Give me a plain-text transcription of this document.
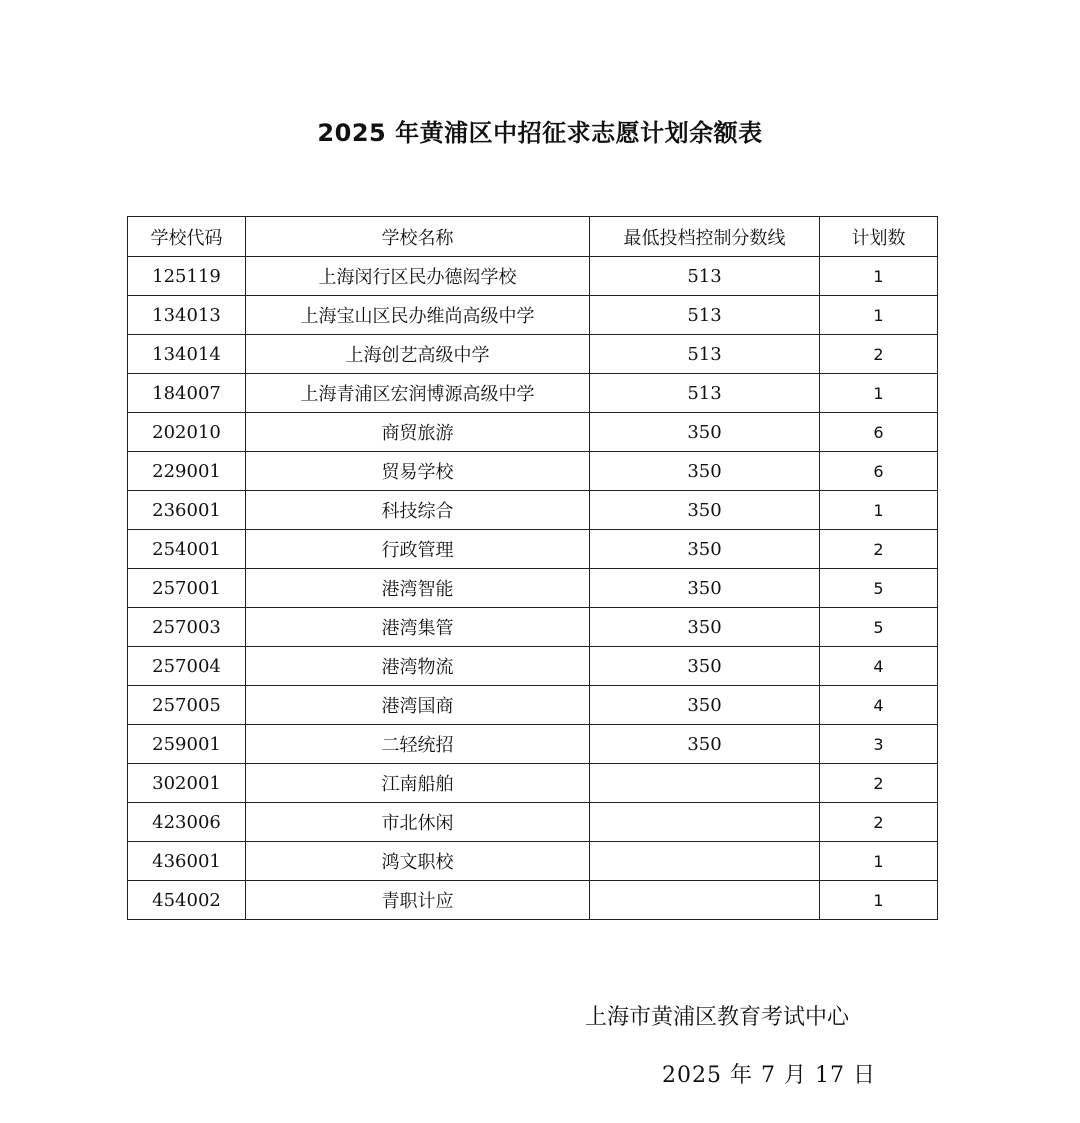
2025 年黄浦区中招征求志愿计划余额表
学校代码	学校名称	最低投档控制分数线	计划数
125119	上海闵行区民办德闳学校	513	1
134013	上海宝山区民办维尚高级中学	513	1
134014	上海创艺高级中学	513	2
184007	上海青浦区宏润博源高级中学	513	1
202010	商贸旅游	350	6
229001	贸易学校	350	6
236001	科技综合	350	1
254001	行政管理	350	2
257001	港湾智能	350	5
257003	港湾集管	350	5
257004	港湾物流	350	4
257005	港湾国商	350	4
259001	二轻统招	350	3
302001	江南船舶		2
423006	市北休闲		2
436001	鸿文职校		1
454002	青职计应		1
上海市黄浦区教育考试中心
2025 年 7 月 17 日
